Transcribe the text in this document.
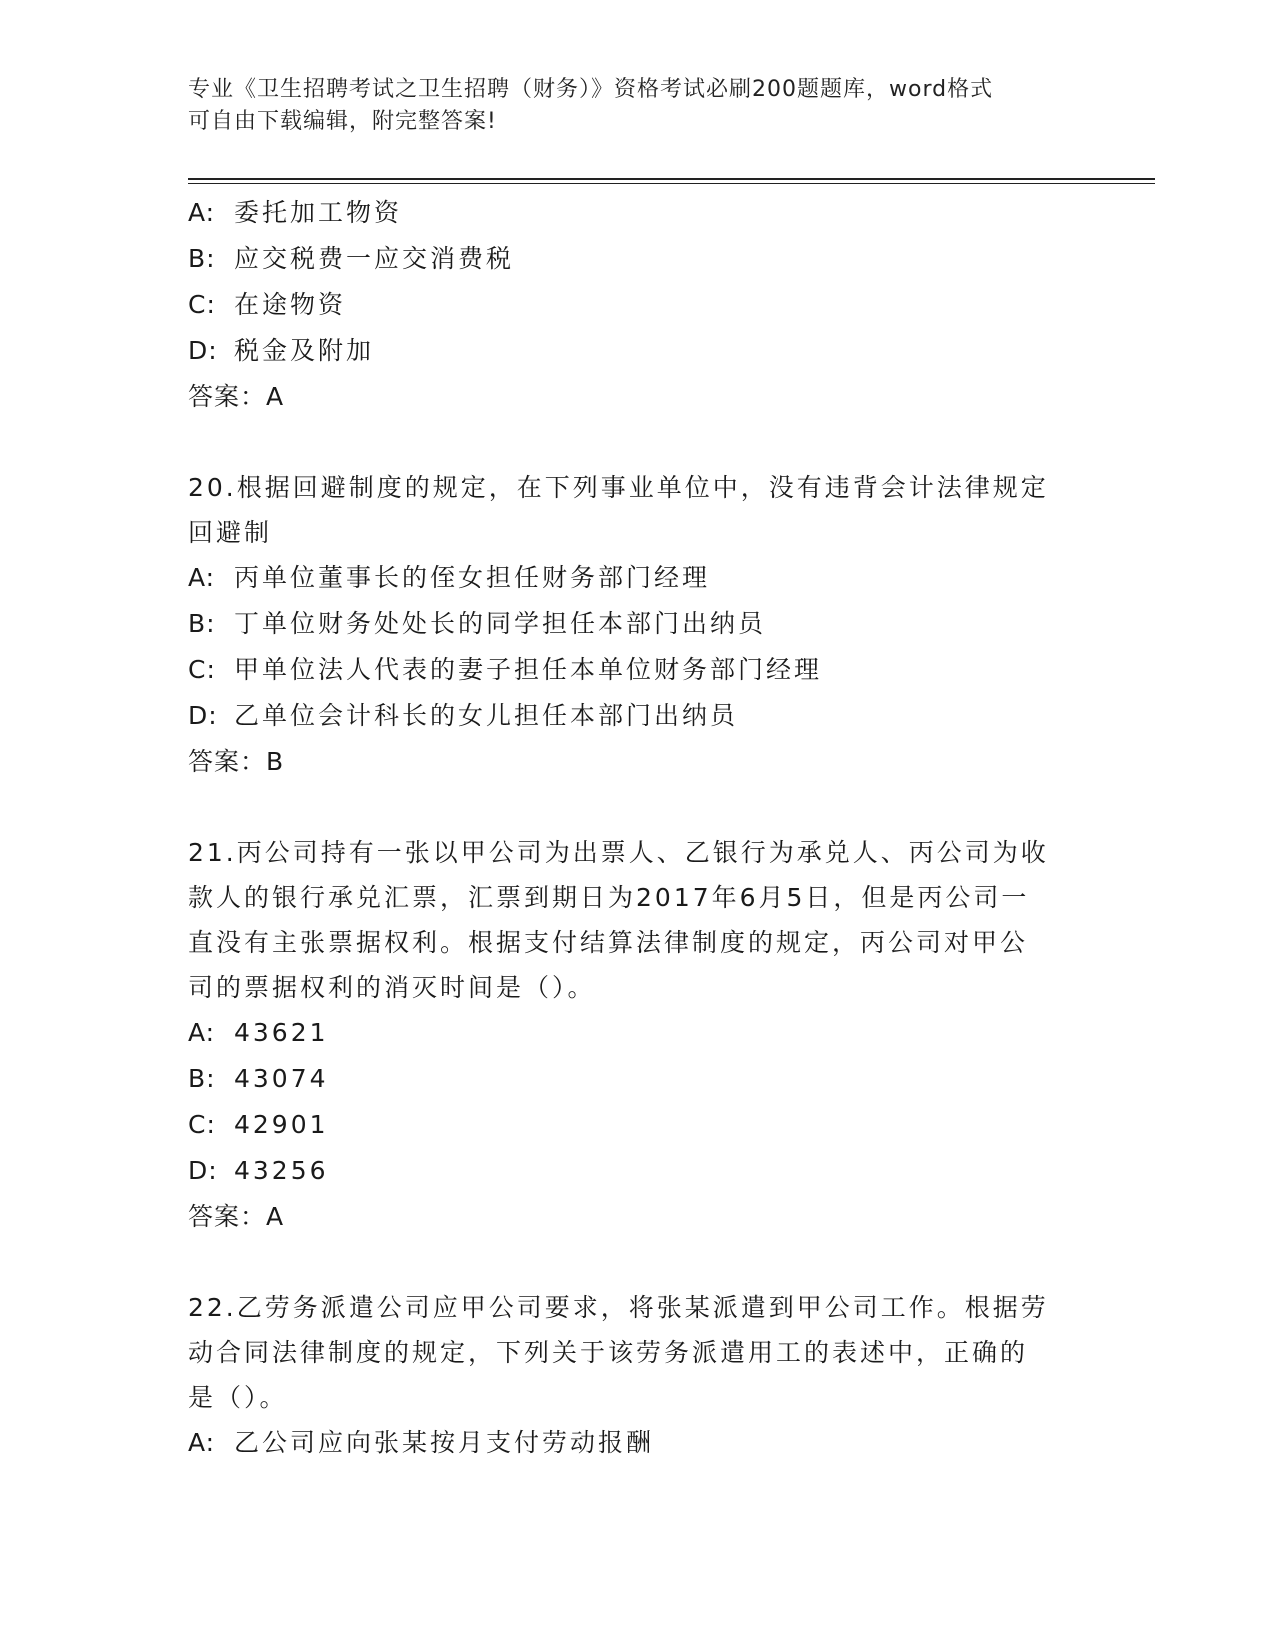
专业《卫生招聘考试之卫生招聘（财务）》资格考试必刷200题题库，word格式
可自由下载编辑，附完整答案!
A: 委托加工物资
B: 应交税费一应交消费税
C: 在途物资
D: 税金及附加
答案：A
20.根据回避制度的规定，在下列事业单位中，没有违背会计法律规定
回避制
A: 丙单位董事长的侄女担任财务部门经理
B: 丁单位财务处处长的同学担任本部门出纳员
C: 甲单位法人代表的妻子担任本单位财务部门经理
D: 乙单位会计科长的女儿担任本部门出纳员
答案：B
21.丙公司持有一张以甲公司为出票人、乙银行为承兑人、丙公司为收
款人的银行承兑汇票，汇票到期日为2017年6月5日，但是丙公司一
直没有主张票据权利。根据支付结算法律制度的规定，丙公司对甲公
司的票据权利的消灭时间是（）。
A: 43621
B: 43074
C: 42901
D: 43256
答案：A
22.乙劳务派遣公司应甲公司要求，将张某派遣到甲公司工作。根据劳
动合同法律制度的规定，下列关于该劳务派遣用工的表述中，正确的
是（）。
A: 乙公司应向张某按月支付劳动报酬
